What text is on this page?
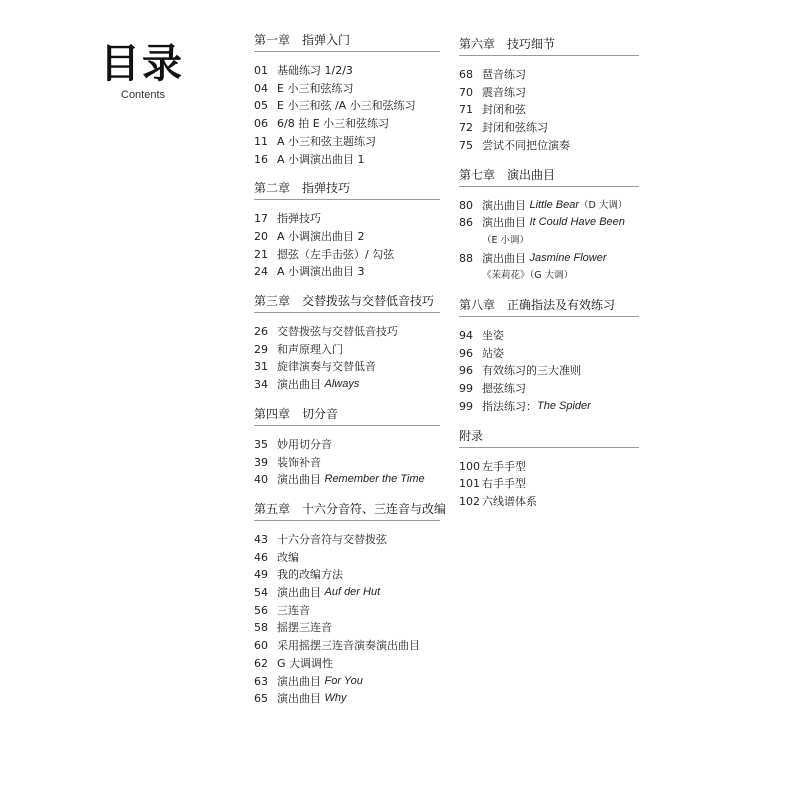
目录
Contents
第一章　指弹入门
01 基础练习 1/2/3
04 E 小三和弦练习
05 E 小三和弦 /A 小三和弦练习
06 6/8 拍 E 小三和弦练习
11 A 小三和弦主题练习
16 A 小调演出曲目 1
第二章　指弹技巧
17 指弹技巧
20 A 小调演出曲目 2
21 摁弦（左手击弦）/ 勾弦
24 A 小调演出曲目 3
第三章　交替拨弦与交替低音技巧
26 交替拨弦与交替低音技巧
29 和声原理入门
31 旋律演奏与交替低音
34 演出曲目 Always
第四章　切分音
35 妙用切分音
39 装饰补音
40 演出曲目 Remember the Time
第五章　十六分音符、三连音与改编
43 十六分音符与交替拨弦
46 改编
49 我的改编方法
54 演出曲目 Auf der Hut
56 三连音
58 摇摆三连音
60 采用摇摆三连音演奏演出曲目
62 G 大调调性
63 演出曲目 For You
65 演出曲目 Why
第六章　技巧细节
68 琶音练习
70 震音练习
71 封闭和弦
72 封闭和弦练习
75 尝试不同把位演奏
第七章　演出曲目
80 演出曲目 Little Bear （D 大调）
86 演出曲目 It Could Have Been
（E 小调）
88 演出曲目 Jasmine Flower
《茉莉花》（G 大调）
第八章　正确指法及有效练习
94 坐姿
96 站姿
96 有效练习的三大准则
99 摁弦练习
99 指法练习： The Spider
附录
100 左手手型
101 右手手型
102 六线谱体系
